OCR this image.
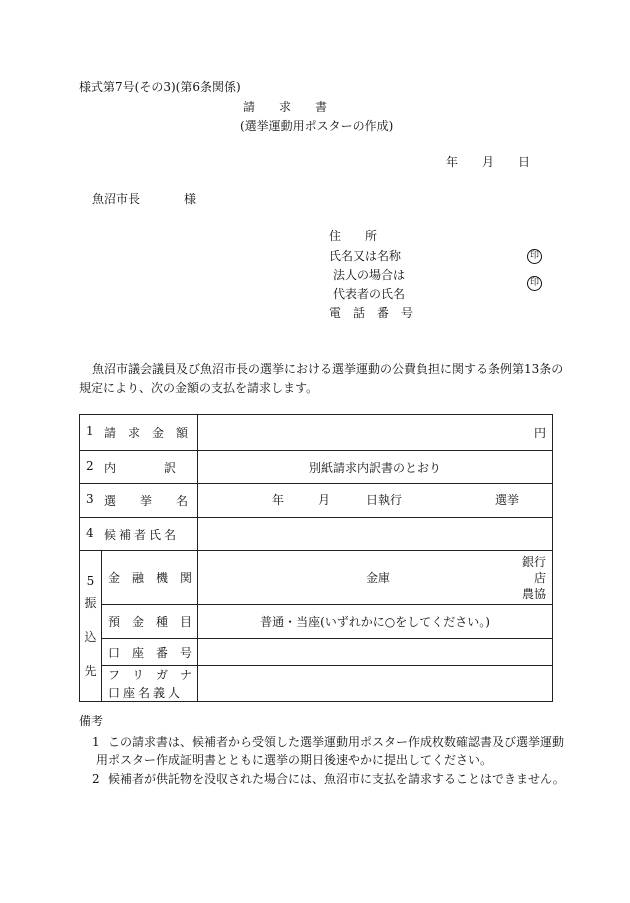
様式第7号(その3)(第6条関係)
請　　求　　書
(選挙運動用ポスターの作成)
年 月 日
魚沼市長	様
住　　所
氏名又は名称	印
法人の場合は
代表者の氏名
印
電　話　番　号
魚沼市議会議員及び魚沼市長の選挙における選挙運動の公費負担に関する条例第13条の
規定により、次の金額の支払を請求します。
1 請　求　金　額		円

2 内　　　　訳		別紙請求内訳書のとおり

3 選　　挙　　名		年 月 日執行 選挙

4 候補者氏名		

5
振
込
先	金　融　機　関	金庫
銀行
店
農協

	預　金　種　目	普通・当座(いずれかに○をしてください。)
	口　座　番　号	
	フ　リ　ガ　ナ	
	口座名義人	
備考
1 この請求書は、候補者から受領した選挙運動用ポスター作成枚数確認書及び選挙運動
用ポスター作成証明書とともに選挙の期日後速やかに提出してください。
2 候補者が供託物を没収された場合には、魚沼市に支払を請求することはできません。
